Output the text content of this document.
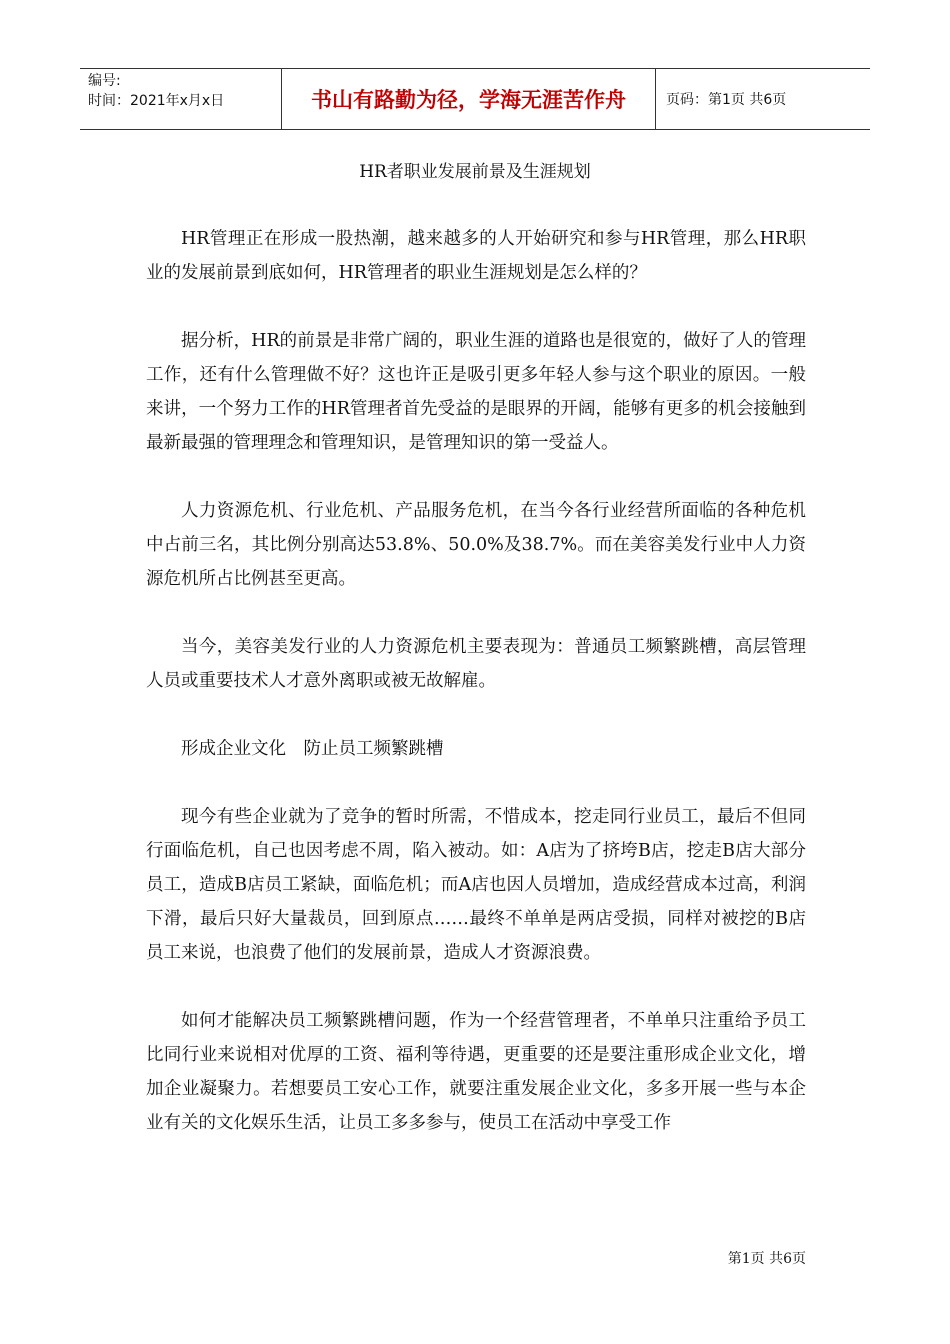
编号:
时间：2021年x月x日	书山有路勤为径，学海无涯苦作舟	页码：第1页 共6页
HR者职业发展前景及生涯规划

HR管理正在形成一股热潮，越来越多的人开始研究和参与HR管理，那么HR职业的发展前景到底如何，HR管理者的职业生涯规划是怎么样的？

据分析，HR的前景是非常广阔的，职业生涯的道路也是很宽的，做好了人的管理工作，还有什么管理做不好？这也许正是吸引更多年轻人参与这个职业的原因。一般来讲，一个努力工作的HR管理者首先受益的是眼界的开阔，能够有更多的机会接触到最新最强的管理理念和管理知识，是管理知识的第一受益人。

人力资源危机、行业危机、产品服务危机，在当今各行业经营所面临的各种危机中占前三名，其比例分别高达53.8%、50.0%及38.7%。而在美容美发行业中人力资源危机所占比例甚至更高。

当今，美容美发行业的人力资源危机主要表现为：普通员工频繁跳槽，高层管理人员或重要技术人才意外离职或被无故解雇。

形成企业文化　防止员工频繁跳槽

现今有些企业就为了竞争的暂时所需，不惜成本，挖走同行业员工，最后不但同行面临危机，自己也因考虑不周，陷入被动。如：A店为了挤垮B店，挖走B店大部分员工，造成B店员工紧缺，面临危机；而A店也因人员增加，造成经营成本过高，利润下滑，最后只好大量裁员，回到原点……最终不单单是两店受损，同样对被挖的B店员工来说，也浪费了他们的发展前景，造成人才资源浪费。

如何才能解决员工频繁跳槽问题，作为一个经营管理者，不单单只注重给予员工比同行业来说相对优厚的工资、福利等待遇，更重要的还是要注重形成企业文化，增加企业凝聚力。若想要员工安心工作，就要注重发展企业文化，多多开展一些与本企业有关的文化娱乐生活，让员工多多参与，使员工在活动中享受工作

第1页 共6页
